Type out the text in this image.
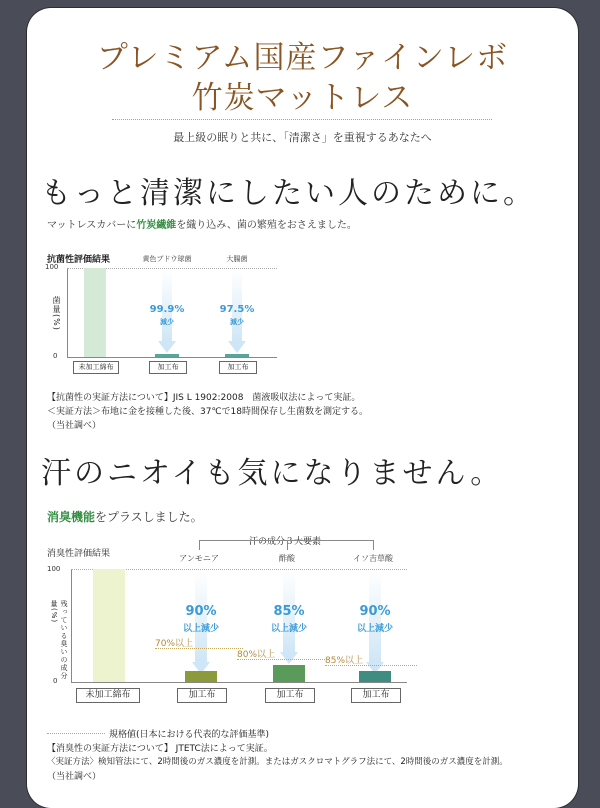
プレミアム国産ファインレボ
竹炭マットレス
最上級の眠りと共に、「清潔さ」を重視するあなたへ
もっと清潔にしたい人のために。
マットレスカバーに竹炭繊維を織り込み、菌の繁殖をおさえました。
抗菌性評価結果
100
0
菌量(%)
黄色ブドウ球菌	大腸菌
99.9%
減少
97.5%
減少
未加工綿布	加工布	加工布
【抗菌性の実証方法について】JIS L 1902:2008　菌液吸収法によって実証。
＜実証方法＞布地に金を接種した後、37℃で18時間保存し生菌数を測定する。
（当社調べ）
汗のニオイも気になりません。
消臭機能をプラスしました。
消臭性評価結果
汗の成分３大要素
アンモニア	酢酸	イソ吉草酸
100
0
残っている臭いの成分量(%)	90%
以上減少
85%
以上減少
90%
以上減少
70%以上
80%以上
85%以上
未加工綿布	加工布	加工布	加工布
規格値(日本における代表的な評価基準)
【消臭性の実証方法について】 JTETC法によって実証。
〈実証方法〉検知管法にて、2時間後のガス濃度を計測。またはガスクロマトグラフ法にて、2時間後のガス濃度を計測。
（当社調べ）
